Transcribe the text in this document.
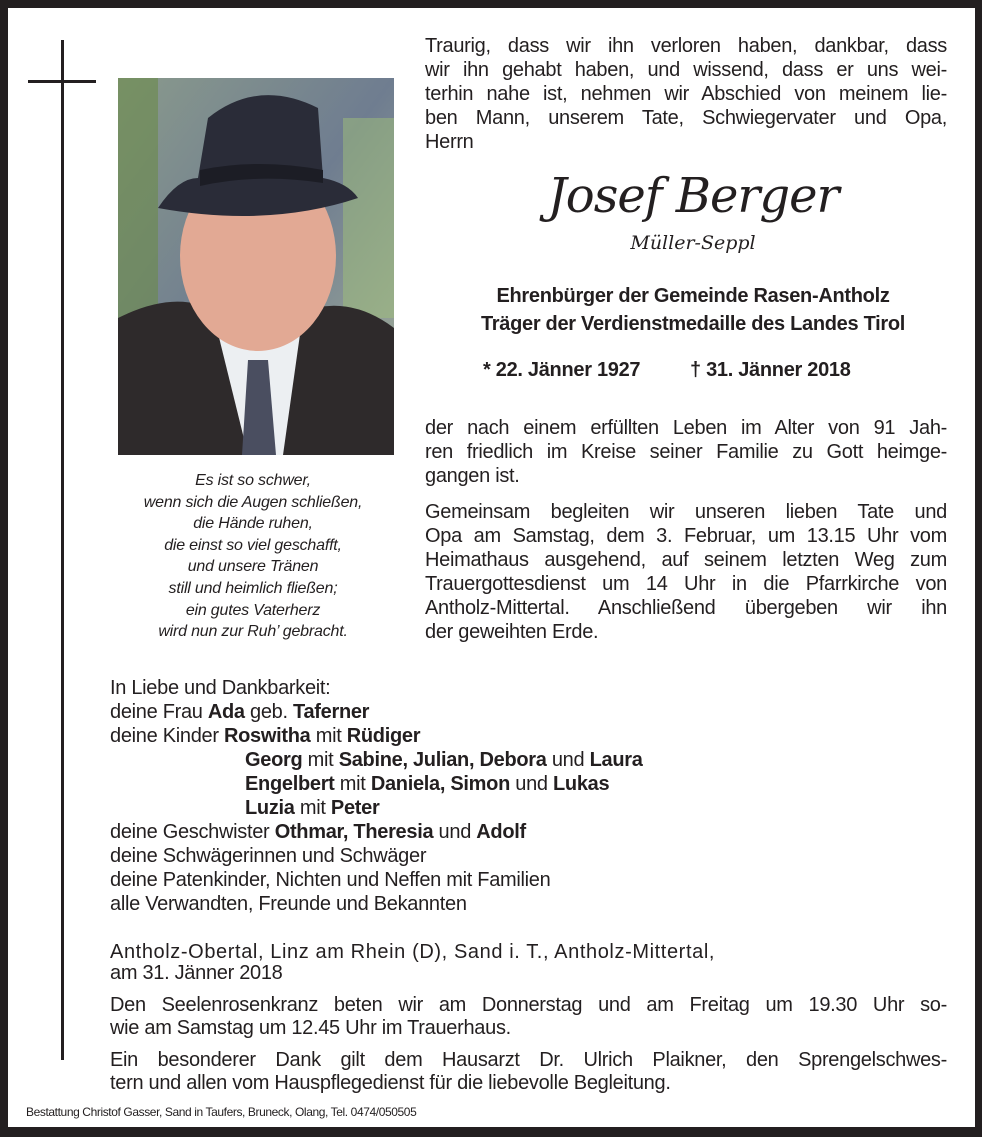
Traurig, dass wir ihn verloren haben, dankbar, dass
wir ihn gehabt haben, und wissend, dass er uns wei-
terhin nahe ist, nehmen wir Abschied von meinem lie-
ben Mann, unserem Tate, Schwiegervater und Opa,
Herrn
Josef Berger
Müller-Seppl
Ehrenbürger der Gemeinde Rasen-Antholz
Träger der Verdienstmedaille des Landes Tirol
* 22. Jänner 1927 † 31. Jänner 2018
der nach einem erfüllten Leben im Alter von 91 Jah-
ren friedlich im Kreise seiner Familie zu Gott heimge-
gangen ist.
Gemeinsam begleiten wir unseren lieben Tate und
Opa am Samstag, dem 3. Februar, um 13.15 Uhr vom
Heimathaus ausgehend, auf seinem letzten Weg zum
Trauergottesdienst um 14 Uhr in die Pfarrkirche von
Antholz-Mittertal. Anschließend übergeben wir ihn
der geweihten Erde.
Es ist so schwer,
wenn sich die Augen schließen,
die Hände ruhen,
die einst so viel geschafft,
und unsere Tränen
still und heimlich fließen;
ein gutes Vaterherz
wird nun zur Ruh’ gebracht.
In Liebe und Dankbarkeit:
deine Frau Ada geb. Taferner
deine Kinder Roswitha mit Rüdiger
Georg mit Sabine, Julian, Debora und Laura
Engelbert mit Daniela, Simon und Lukas
Luzia mit Peter
deine Geschwister Othmar, Theresia und Adolf
deine Schwägerinnen und Schwäger
deine Patenkinder, Nichten und Neffen mit Familien
alle Verwandten, Freunde und Bekannten
Antholz-Obertal, Linz am Rhein (D), Sand i. T., Antholz-Mittertal,
am 31. Jänner 2018
Den Seelenrosenkranz beten wir am Donnerstag und am Freitag um 19.30 Uhr so-
wie am Samstag um 12.45 Uhr im Trauerhaus.
Ein besonderer Dank gilt dem Hausarzt Dr. Ulrich Plaikner, den Sprengelschwes-
tern und allen vom Hauspflegedienst für die liebevolle Begleitung.
Bestattung Christof Gasser, Sand in Taufers, Bruneck, Olang, Tel. 0474/050505
